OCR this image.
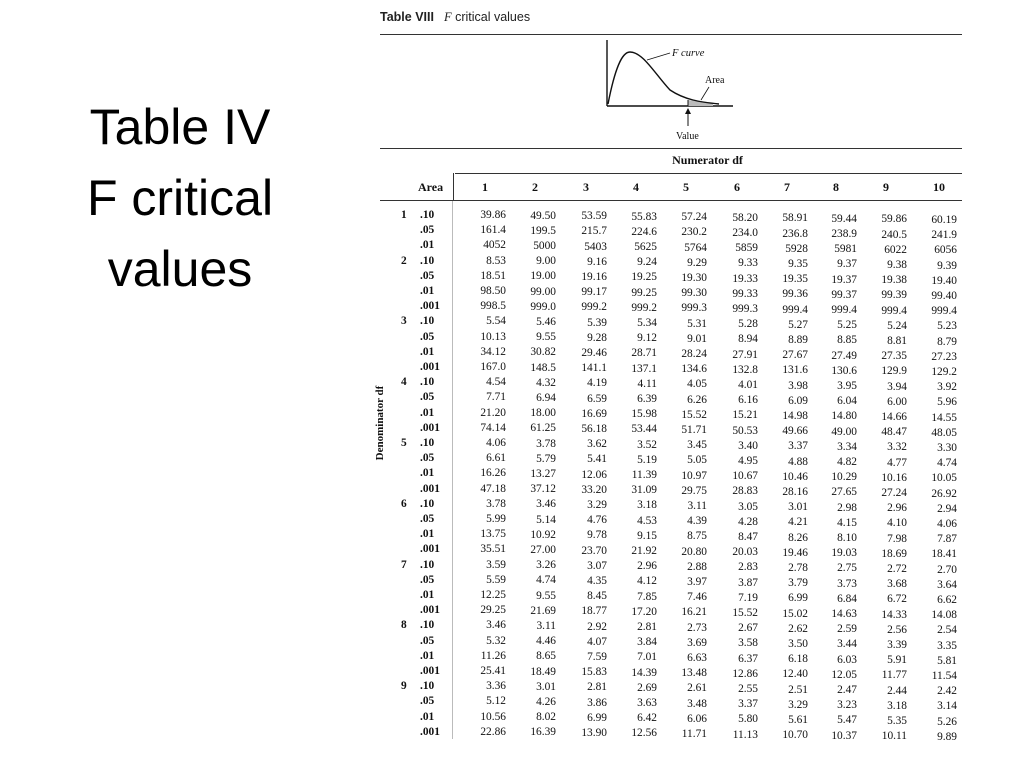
Table IV
F critical
values
Table VIII F critical values
F curve
Area
Value
Numerator df
Area	1	2	3	4	5	6	7	8	9	10
Denominator df
1 .10	39.86 49.50 53.59 55.83 57.24 58.20 58.91 59.44 59.86 60.19
.05	161.4 199.5 215.7 224.6 230.2 234.0 236.8 238.9 240.5 241.9
.01	4052 5000 5403 5625 5764 5859 5928 5981 6022 6056
2 .10	8.53	9.00	9.16	9.24	9.29	9.33	9.35	9.37	9.38	9.39
.05	18.51 19.00 19.16 19.25 19.30 19.33 19.35 19.37 19.38 19.40
.01	98.50 99.00 99.17 99.25 99.30 99.33 99.36 99.37 99.39 99.40
.001	998.5 999.0 999.2 999.2 999.3 999.3 999.4 999.4 999.4 999.4
3 .10	5.54	5.46	5.39	5.34	5.31	5.28	5.27	5.25	5.24	5.23
.05	10.13	9.55	9.28	9.12	9.01	8.94	8.89	8.85	8.81	8.79
.01	34.12 30.82 29.46 28.71 28.24 27.91 27.67 27.49 27.35 27.23
.001	167.0 148.5 141.1 137.1 134.6 132.8 131.6 130.6 129.9 129.2
4 .10	4.54	4.32	4.19	4.11	4.05	4.01	3.98	3.95	3.94	3.92
.05	7.71	6.94	6.59	6.39	6.26	6.16	6.09	6.04	6.00	5.96
.01	21.20 18.00 16.69 15.98 15.52 15.21 14.98 14.80 14.66 14.55
.001	74.14 61.25 56.18 53.44 51.71 50.53 49.66 49.00 48.47 48.05
5 .10	4.06	3.78	3.62	3.52	3.45	3.40	3.37	3.34	3.32	3.30
.05	6.61	5.79	5.41	5.19	5.05	4.95	4.88	4.82	4.77	4.74
.01	16.26 13.27 12.06 11.39 10.97 10.67 10.46 10.29 10.16 10.05
.001	47.18 37.12 33.20 31.09 29.75 28.83 28.16 27.65 27.24 26.92
6 .10	3.78	3.46	3.29	3.18	3.11	3.05	3.01	2.98	2.96	2.94
.05	5.99	5.14	4.76	4.53	4.39	4.28	4.21	4.15	4.10	4.06
.01	13.75 10.92	9.78	9.15	8.75	8.47	8.26	8.10	7.98	7.87
.001	35.51 27.00 23.70 21.92 20.80 20.03 19.46 19.03 18.69 18.41
7 .10	3.59	3.26	3.07	2.96	2.88	2.83	2.78	2.75	2.72	2.70
.05	5.59	4.74	4.35	4.12	3.97	3.87	3.79	3.73	3.68	3.64
.01	12.25	9.55	8.45	7.85	7.46	7.19	6.99	6.84	6.72	6.62
.001	29.25 21.69 18.77 17.20 16.21 15.52 15.02 14.63 14.33 14.08
8 .10	3.46	3.11	2.92	2.81	2.73	2.67	2.62	2.59	2.56	2.54
.05	5.32	4.46	4.07	3.84	3.69	3.58	3.50	3.44	3.39	3.35
.01	11.26	8.65	7.59	7.01	6.63	6.37	6.18	6.03	5.91	5.81
.001	25.41 18.49 15.83 14.39 13.48 12.86 12.40 12.05 11.77 11.54
9 .10	3.36	3.01	2.81	2.69	2.61	2.55	2.51	2.47	2.44	2.42
.05	5.12	4.26	3.86	3.63	3.48	3.37	3.29	3.23	3.18	3.14
.01	10.56	8.02	6.99	6.42	6.06	5.80	5.61	5.47	5.35	5.26
.001	22.86 16.39 13.90 12.56 11.71 11.13 10.70 10.37 10.11	9.89
